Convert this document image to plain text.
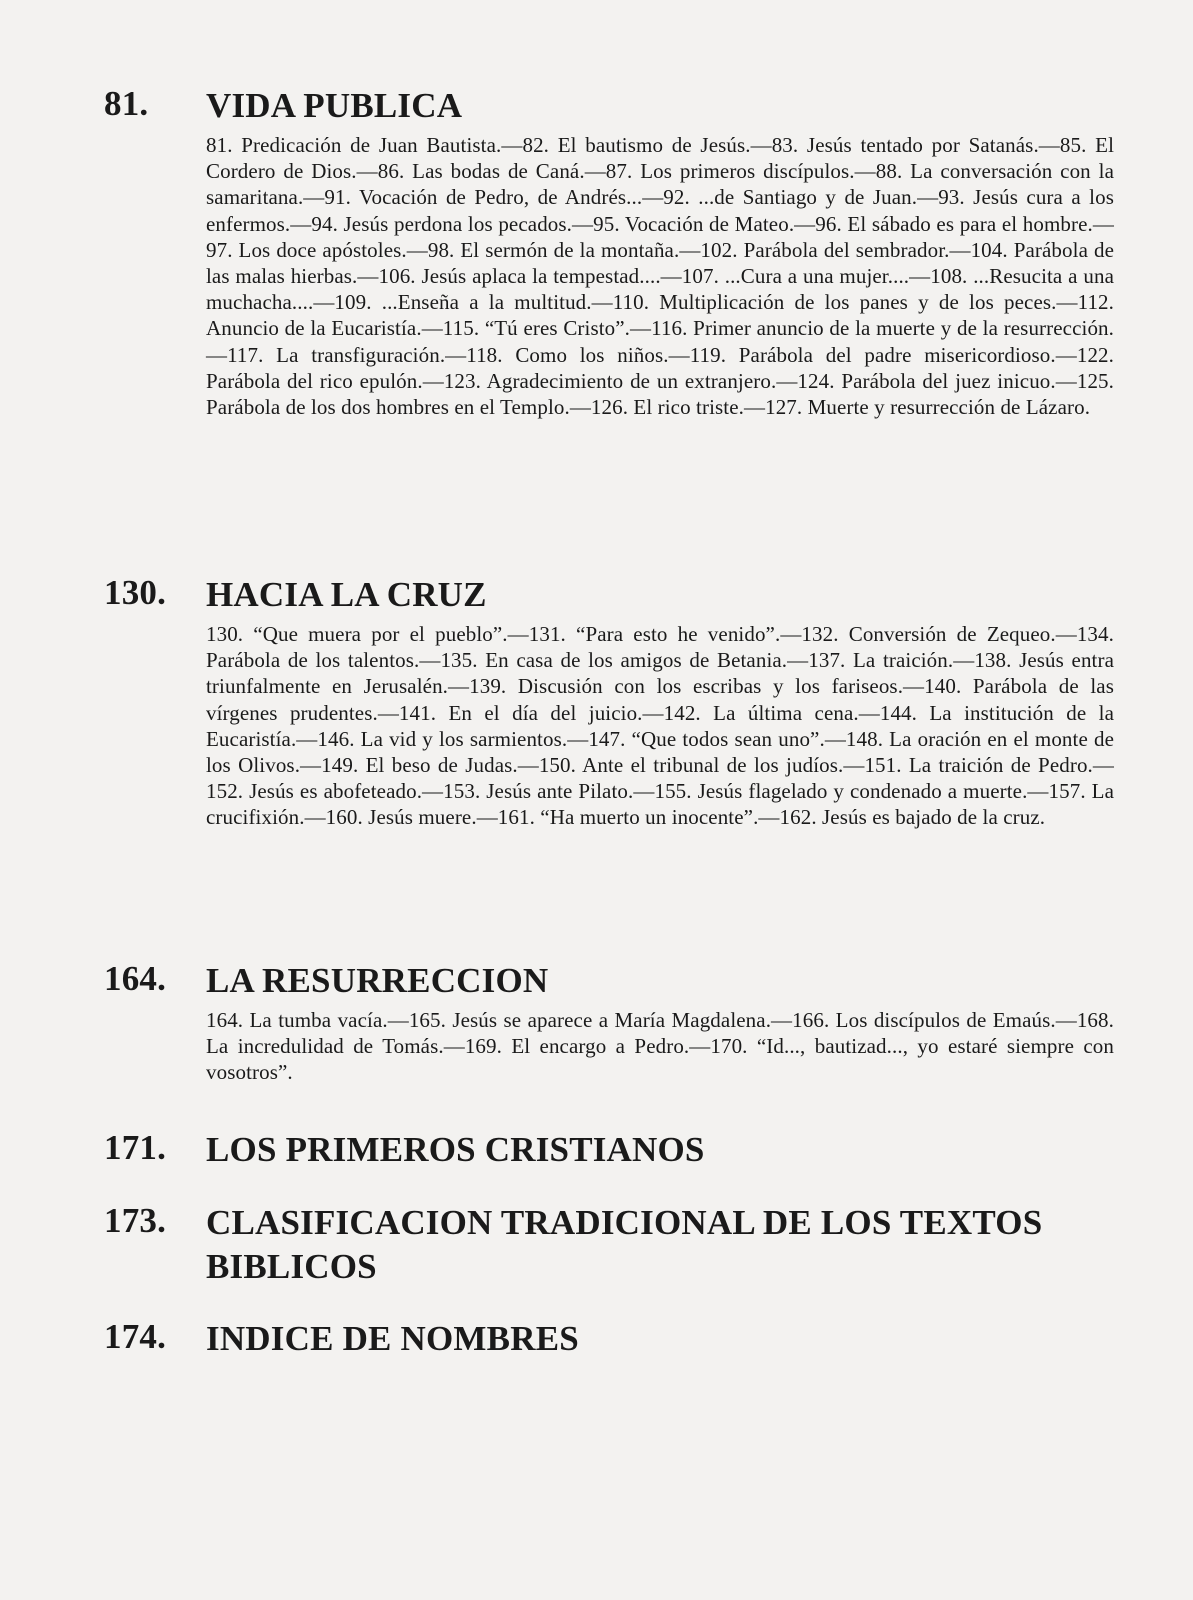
81.	VIDA PUBLICA
81. Predicación de Juan Bautista.—82. El bautismo de Jesús.—83. Jesús tentado por Satanás.—85. El Cordero de Dios.—86. Las bodas de Caná.—87. Los primeros discípulos.—88. La conversación con la samaritana.—91. Vocación de Pedro, de Andrés...—92. ...de Santiago y de Juan.—93. Jesús cura a los enfermos.—94. Jesús perdona los pecados.—95. Vocación de Mateo.—96. El sábado es para el hombre.—97. Los doce apóstoles.—98. El sermón de la montaña.—102. Parábola del sembrador.—104. Parábola de las malas hierbas.—106. Jesús aplaca la tempestad....—107. ...Cura a una mujer....—108. ...Resucita a una muchacha....—109. ...Enseña a la multitud.—110. Multiplicación de los panes y de los peces.—112. Anuncio de la Eucaristía.—115. “Tú eres Cristo”.—116. Primer anuncio de la muerte y de la resurrección.—117. La transfiguración.—118. Como los niños.—119. Parábola del padre misericordioso.—122. Parábola del rico epulón.—123. Agradecimiento de un extranjero.—124. Parábola del juez inicuo.—125. Parábola de los dos hombres en el Templo.—126. El rico triste.—127. Muerte y resurrección de Lázaro.
130.	HACIA LA CRUZ
130. “Que muera por el pueblo”.—131. “Para esto he venido”.—132. Conversión de Zequeo.—134. Parábola de los talentos.—135. En casa de los amigos de Betania.—137. La traición.—138. Jesús entra triunfalmente en Jerusalén.—139. Discusión con los escribas y los fariseos.—140. Parábola de las vírgenes prudentes.—141. En el día del juicio.—142. La última cena.—144. La institución de la Eucaristía.—146. La vid y los sarmientos.—147. “Que todos sean uno”.—148. La oración en el monte de los Olivos.—149. El beso de Judas.—150. Ante el tribunal de los judíos.—151. La traición de Pedro.—152. Jesús es abofeteado.—153. Jesús ante Pilato.—155. Jesús flagelado y condenado a muerte.—157. La crucifixión.—160. Jesús muere.—161. “Ha muerto un inocente”.—162. Jesús es bajado de la cruz.
164.	LA RESURRECCION
164. La tumba vacía.—165. Jesús se aparece a María Magdalena.—166. Los discípulos de Emaús.—168. La incredulidad de Tomás.—169. El encargo a Pedro.—170. “Id..., bautizad..., yo estaré siempre con vosotros”.
171.	LOS PRIMEROS CRISTIANOS
173.	CLASIFICACION TRADICIONAL DE LOS TEXTOS BIBLICOS
174.	INDICE DE NOMBRES
